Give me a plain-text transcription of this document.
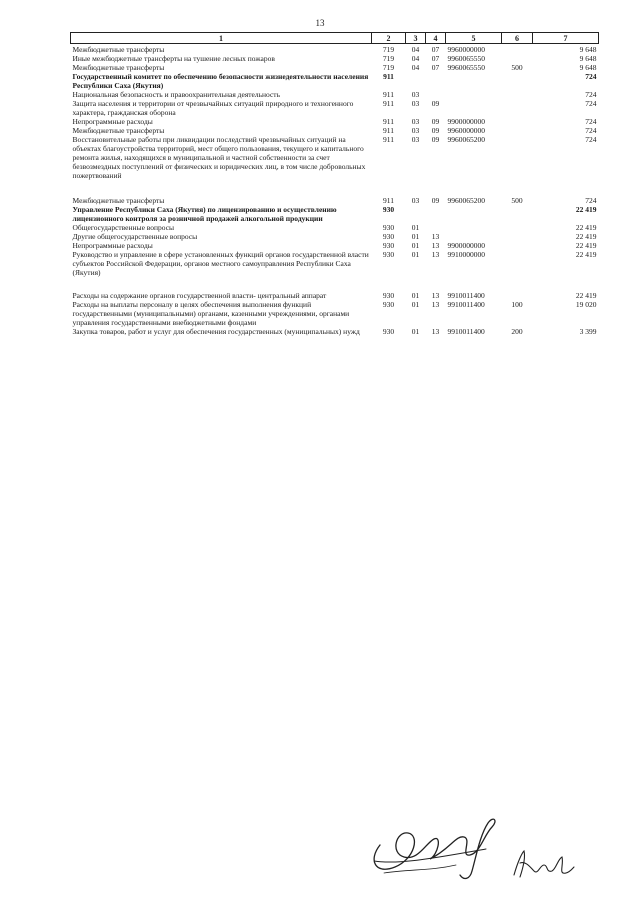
13
1	2	3	4	5	6	7
Межбюджетные трансферты	719	04	07	9960000000		9 648
Иные межбюджетные трансферты на тушение лесных пожаров	719	04	07	9960065550		9 648
Межбюджетные трансферты	719	04	07	9960065550	500	9 648
Государственный комитет по обеспечению безопасности жизнедеятельности населения Республики Саха (Якутия)	911					724
Национальная безопасность и правоохранительная деятельность	911	03				724
Защита населения и территории от чрезвычайных ситуаций природного и техногенного характера, гражданская оборона	911	03	09			724
Непрограммные расходы	911	03	09	9900000000		724
Межбюджетные трансферты	911	03	09	9960000000		724
Восстановительные работы при ликвидации последствий чрезвычайных ситуаций на объектах благоустройства территорий, мест общего пользования, текущего и капитального ремонта жилья, находящихся в муниципальной и частной собственности за счет безвозмездных поступлений от физических и юридических лиц, в том числе добровольных пожертвований	911	03	09	9960065200		724
Межбюджетные трансферты	911	03	09	9960065200	500	724
Управление Республики Саха (Якутия) по лицензированию и осуществлению лицензионного контроля за розничной продажей алкогольной продукции	930					22 419
Общегосударственные вопросы	930	01				22 419
Другие общегосударственные вопросы	930	01	13			22 419
Непрограммные расходы	930	01	13	9900000000		22 419
Руководство и управление в сфере установленных функций органов государственной власти субъектов Российской Федерации, органов местного самоуправления Республики Саха (Якутия)	930	01	13	9910000000		22 419
Расходы на содержание органов государственной власти- центральный аппарат	930	01	13	9910011400		22 419
Расходы на выплаты персоналу в целях обеспечения выполнения функций государственными (муниципальными) органами, казенными учреждениями, органами управления государственными внебюджетными фондами	930	01	13	9910011400	100	19 020
Закупка товаров, работ и услуг для обеспечения государственных (муниципальных) нужд	930	01	13	9910011400	200	3 399
